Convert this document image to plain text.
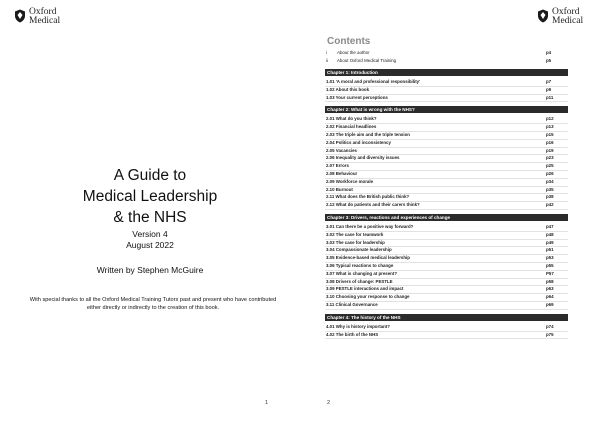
Oxford
Medical
A Guide to
Medical Leadership
& the NHS
Version 4
August 2022
Written by Stephen McGuire
With special thanks to all the Oxford Medical Training Tutors past and present who have contributed either directly or indirectly to the creation of this book.
1
Oxford
Medical
Contents
i	About the author	p4
ii	About Oxford Medical Training	p5
Chapter 1: Introduction
1.01 'A moral and professional responsibility'	p7
1.02 About this book	p9
1.03 Your current perceptions	p11
Chapter 2: What is wrong with the NHS?
2.01 What do you think?	p12
2.02 Financial headlines	p13
2.03 The triple aim and the triple tension	p15
2.04 Politics and inconsistency	p16
2.05 Vacancies	p19
2.06 Inequality and diversity issues	p23
2.07 Errors	p25
2.08 Behaviour	p26
2.09 Workforce morale	p34
2.10 Burnout	p35
2.11 What does the British public think?	p38
2.12 What do patients and their carers think?	p42
Chapter 3: Drivers, reactions and experiences of change
3.01 Can there be a positive way forward?	p47
3.02 The case for teamwork	p48
3.03 The case for leadership	p49
3.04 Compassionate leadership	p51
3.05 Evidence-based medical leadership	p53
3.06 Typical reactions to change	p55
3.07 What is changing at present?	P57
3.08 Drivers of change: PESTLE	p58
3.09 PESTLE interactions and impact	p63
3.10 Choosing your response to change	p64
3.11 Clinical Governance	p69
Chapter 4: The history of the NHS
4.01 Why is history important?	p74
4.02 The birth of the NHS	p75
2
